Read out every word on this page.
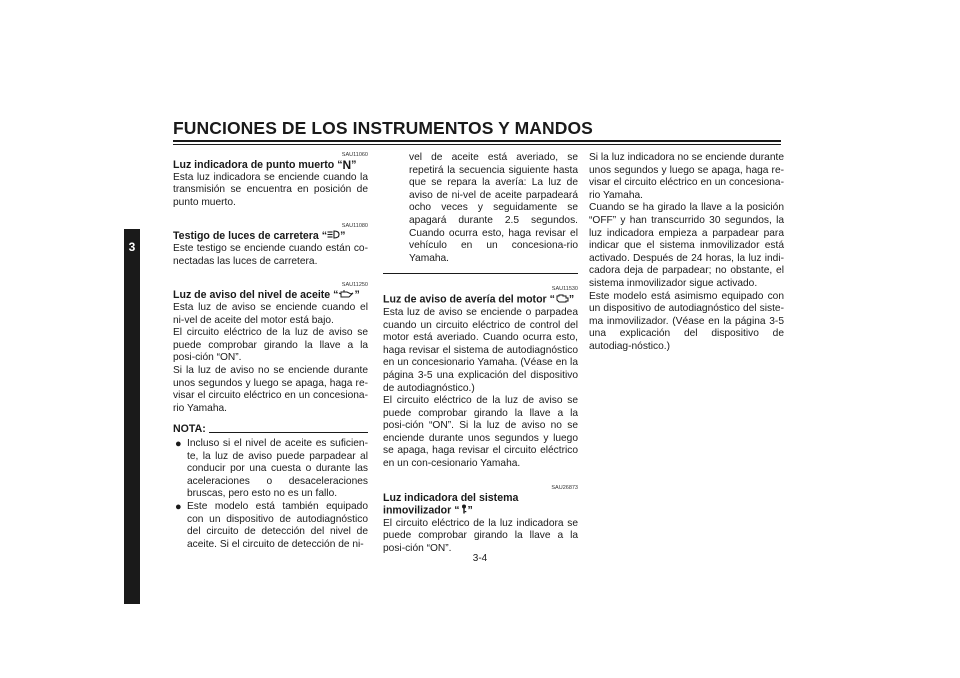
FUNCIONES DE LOS INSTRUMENTOS Y MANDOS
3
SAU11060
Luz indicadora de punto muerto “N”
Esta luz indicadora se enciende cuando la transmisión se encuentra en posición de punto muerto.
SAU11080
Testigo de luces de carretera “ ”
Este testigo se enciende cuando están co-nectadas las luces de carretera.
SAU11250
Luz de aviso del nivel de aceite “ ”
Esta luz de aviso se enciende cuando el ni-vel de aceite del motor está bajo.
El circuito eléctrico de la luz de aviso se puede comprobar girando la llave a la posi-ción “ON”.
Si la luz de aviso no se enciende durante unos segundos y luego se apaga, haga re-visar el circuito eléctrico en un concesiona-rio Yamaha.
NOTA:
● Incluso si el nivel de aceite es suficien-te, la luz de aviso puede parpadear al conducir por una cuesta o durante las aceleraciones o desaceleraciones bruscas, pero esto no es un fallo.
● Este modelo está también equipado con un dispositivo de autodiagnóstico del circuito de detección del nivel de aceite. Si el circuito de detección de ni-
vel de aceite está averiado, se repetirá la secuencia siguiente hasta que se repara la avería: La luz de aviso de ni-vel de aceite parpadeará ocho veces y seguidamente se apagará durante 2.5 segundos. Cuando ocurra esto, haga revisar el vehículo en un concesiona-rio Yamaha.
SAU11530
Luz de aviso de avería del motor “ ”
Esta luz de aviso se enciende o parpadea cuando un circuito eléctrico de control del motor está averiado. Cuando ocurra esto, haga revisar el sistema de autodiagnóstico en un concesionario Yamaha. (Véase en la página 3-5 una explicación del dispositivo de autodiagnóstico.)
El circuito eléctrico de la luz de aviso se puede comprobar girando la llave a la posi-ción “ON”. Si la luz de aviso no se enciende durante unos segundos y luego se apaga, haga revisar el circuito eléctrico en un con-cesionario Yamaha.
SAU26873
Luz indicadora del sistema
inmovilizador “ ”
El circuito eléctrico de la luz indicadora se puede comprobar girando la llave a la posi-ción “ON”.
Si la luz indicadora no se enciende durante unos segundos y luego se apaga, haga re-visar el circuito eléctrico en un concesiona-rio Yamaha.
Cuando se ha girado la llave a la posición “OFF” y han transcurrido 30 segundos, la luz indicadora empieza a parpadear para indicar que el sistema inmovilizador está activado. Después de 24 horas, la luz indi-cadora deja de parpadear; no obstante, el sistema inmovilizador sigue activado.
Este modelo está asimismo equipado con un dispositivo de autodiagnóstico del siste-ma inmovilizador. (Véase en la página 3-5 una explicación del dispositivo de autodiag-nóstico.)
3-4
